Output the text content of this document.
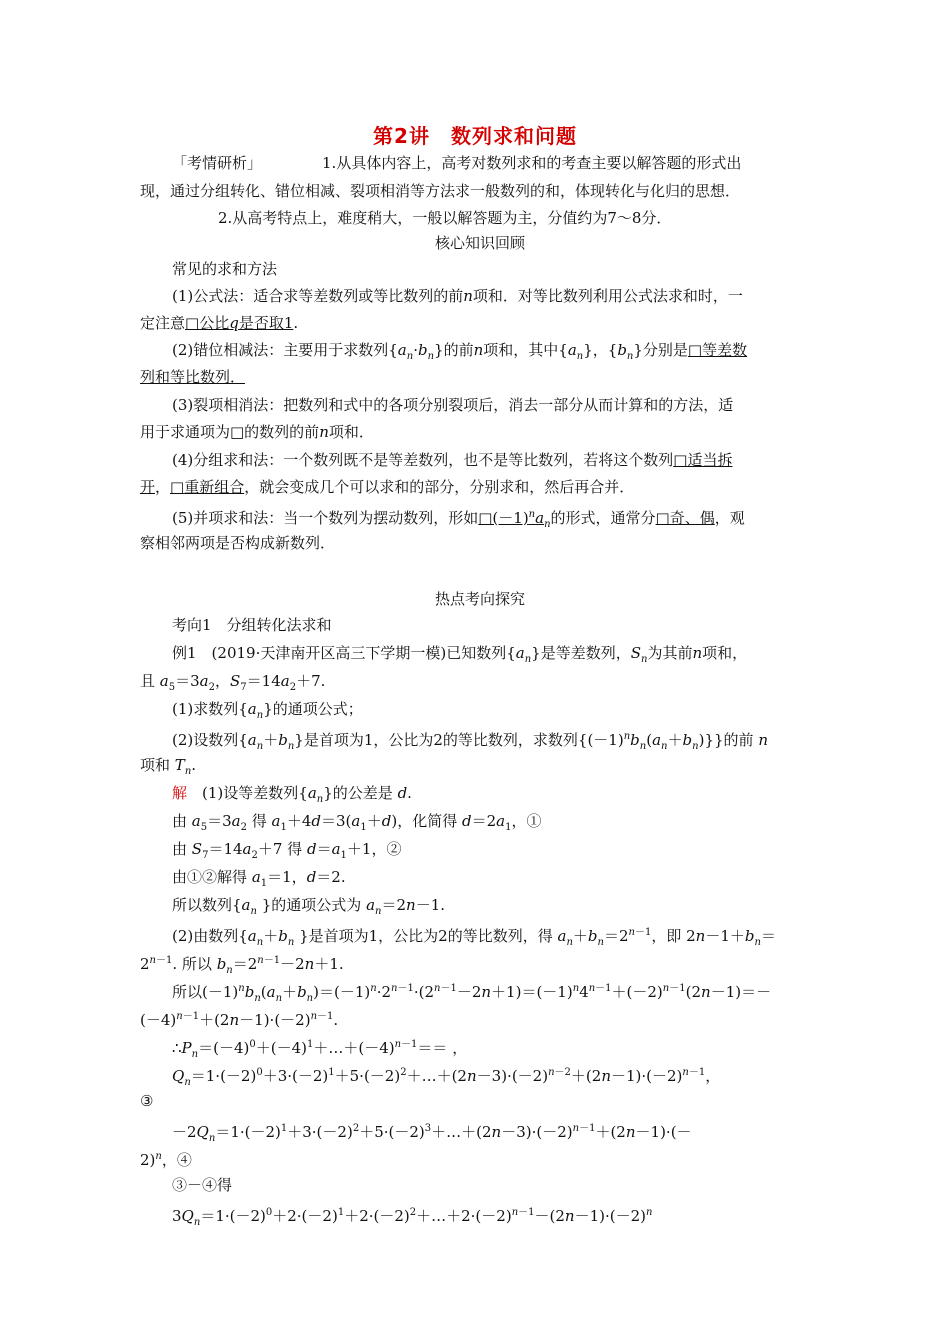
第2讲　数列求和问题
「考情研析」	1.从具体内容上，高考对数列求和的考查主要以解答题的形式出
现，通过分组转化、错位相减、裂项相消等方法求一般数列的和，体现转化与化归的思想．
2.从高考特点上，难度稍大，一般以解答题为主，分值约为7～8分．
核心知识回顾
常见的求和方法
(1)公式法：适合求等差数列或等比数列的前n项和．对等比数列利用公式法求和时，一
定注意□公比q是否取1.
(2)错位相减法：主要用于求数列$\{a_n\cdot b_n\}$的前n项和，其中$\{a_n\}$，$\{b_n\}$分别是□等差数
列和等比数列．
(3)裂项相消法：把数列和式中的各项分别裂项后，消去一部分从而计算和的方法，适
用于求通项为□的数列的前n项和．
(4)分组求和法：一个数列既不是等差数列，也不是等比数列，若将这个数列□适当拆
开，□重新组合，就会变成几个可以求和的部分，分别求和，然后再合并．
(5)并项求和法：当一个数列为摆动数列，形如$□(-1)^na_n$的形式，通常分□奇、偶，观
察相邻两项是否构成新数列．
热点考向探究
考向1　分组转化法求和
例1　(2019·天津南开区高三下学期一模)已知数列$\{a_n\}$是等差数列，$S_n$为其前n项和，
且 $a_5=3a_2$，$S_7=14a_2+7$.
(1)求数列$\{a_n\}$的通项公式；
(2)设数列$\{a_n+b_n\}$是首项为1，公比为2的等比数列，求数列$\{(-1)^nb_n(a_n+b_n)\}$}的前 n
项和 $T_n$.
解　 (1)设等差数列$\{a_n\}$的公差是 d.
由 $a_5=3a_2$ 得 $a_1+4d=3(a_1+d)$，化简得 $d=2a_1$，①
由 $S_7=14a_2+7$ 得 $d=a_1+1$，②
由①②解得 $a_1=1$，d＝2.
所以数列{$a_n$ }的通项公式为 $a_n=2n-1$.
(2)由数列{$a_n+b_n$ }是首项为1，公比为2的等比数列，得 $a_n+b_n=2^{n-1}$，即 $2n-1+b_n=$
$2^{n-1}$. 所以 $b_n=2^{n-1}-2n+1$.
所以$(-1)^nb_n(a_n+b_n)=(-1)^n\cdot 2^{n-1}\cdot(2^{n-1}-2n+1)=(-1)^n4^{n-1}+(-2)^{n-1}(2n-1)=-$
$(-4)^{n-1}+(2n-1)\cdot(-2)^{n-1}$.
$\therefore P_n=(-4)^0+(-4)^1+\dots+(-4)^{n-1}==$ ，
$Q_n=1\cdot(-2)^0+3\cdot(-2)^1+5\cdot(-2)^2+\dots+(2n-3)\cdot(-2)^{n-2}+(2n-1)\cdot(-2)^{n-1}$，
③
$-2Q_n=1\cdot(-2)^1+3\cdot(-2)^2+5\cdot(-2)^3+\dots+(2n-3)\cdot(-2)^{n-1}+(2n-1)\cdot(-$
2)$^n$，④
③－④得
$3Q_n=1\cdot(-2)^0+2\cdot(-2)^1+2\cdot(-2)^2+\dots+2\cdot(-2)^{n-1}-(2n-1)\cdot(-2)^n$
